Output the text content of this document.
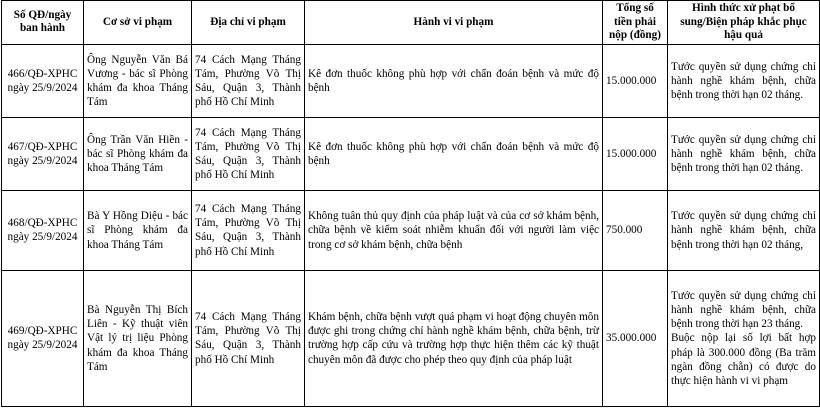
Số QĐ/ngày ban hành	Cơ sở vi phạm	Địa chỉ vi phạm	Hành vi vi phạm	Tổng số tiền phải nộp (đồng)	Hình thức xử phạt bổ sung/Biện pháp khắc phục hậu quả
466/QĐ-XPHC ngày 25/9/2024	Ông Nguyễn Văn Bá Vương - bác sĩ Phòng khám đa khoa Tháng Tám	74 Cách Mạng Tháng Tám, Phường Võ Thị Sáu, Quận 3, Thành phố Hồ Chí Minh	Kê đơn thuốc không phù hợp với chẩn đoán bệnh và mức độ bệnh	15.000.000	Tước quyền sử dụng chứng chỉ hành nghề khám bệnh, chữa bệnh trong thời hạn 02 tháng.
467/QĐ-XPHC ngày 25/9/2024	Ông Trần Văn Hiền - bác sĩ Phòng khám đa khoa Tháng Tám	74 Cách Mạng Tháng Tám, Phường Võ Thị Sáu, Quận 3, Thành phố Hồ Chí Minh	Kê đơn thuốc không phù hợp với chẩn đoán bệnh và mức độ bệnh	15.000.000	Tước quyền sử dụng chứng chỉ hành nghề khám bệnh, chữa bệnh trong thời hạn 02 tháng.
468/QĐ-XPHC ngày 25/9/2024	Bà Y Hồng Diệu - bác sĩ Phòng khám đa khoa Tháng Tám	74 Cách Mạng Tháng Tám, Phường Võ Thị Sáu, Quận 3, Thành phố Hồ Chí Minh	Không tuân thủ quy định của pháp luật và của cơ sở khám bệnh, chữa bệnh về kiểm soát nhiễm khuẩn đối với người làm việc trong cơ sở khám bệnh, chữa bệnh	750.000	Tước quyền sử dụng chứng chỉ hành nghề khám bệnh, chữa bệnh trong thời hạn 02 tháng,
469/QĐ-XPHC ngày 25/9/2024	Bà Nguyễn Thị Bích Liên - Kỹ thuật viên Vật lý trị liệu Phòng khám đa khoa Tháng Tám	74 Cách Mạng Tháng Tám, Phường Võ Thị Sáu, Quận 3, Thành phố Hồ Chí Minh	Khám bệnh, chữa bệnh vượt quá phạm vi hoạt động chuyên môn được ghi trong chứng chỉ hành nghề khám bệnh, chữa bệnh, trừ trường hợp cấp cứu và trường hợp thực hiện thêm các kỹ thuật chuyên môn đã được cho phép theo quy định của pháp luật	35.000.000	Tước quyền sử dụng chứng chỉ hành nghề khám bệnh, chữa bệnh trong thời hạn 23 tháng.
Buộc nộp lại số lợi bất hợp pháp là 300.000 đồng (Ba trăm ngàn đồng chẵn) có được do thực hiện hành vi vi phạm
